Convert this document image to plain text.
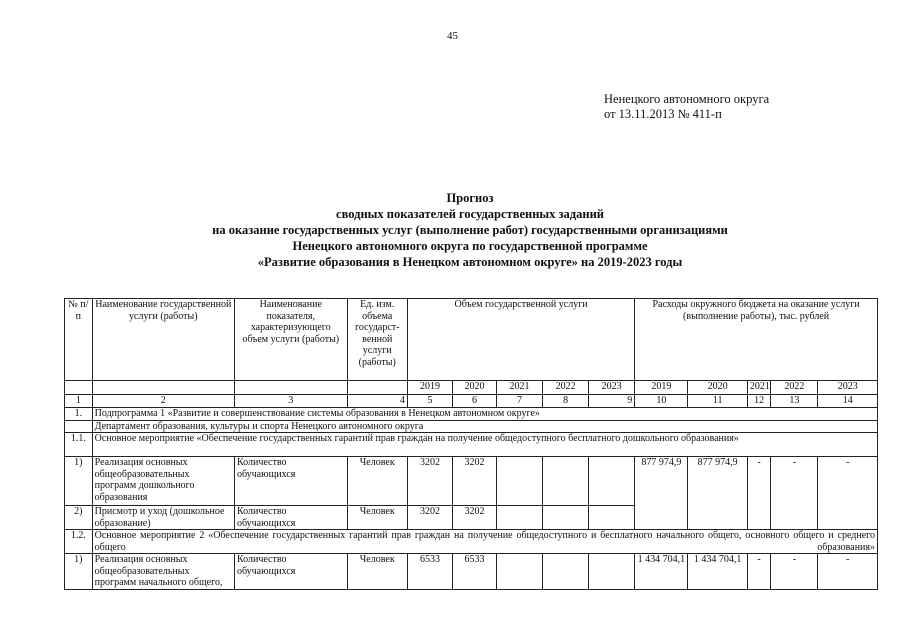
45
Ненецкого автономного округа
от 13.11.2013 № 411-п
Прогноз
сводных показателей государственных заданий
на оказание государственных услуг (выполнение работ) государственными организациями
Ненецкого автономного округа по государственной программе
«Развитие образования в Ненецком автономном округе» на 2019-2023 годы
№ п/п	Наименование государственной услуги (работы)	Наименование показателя, характеризующего объем услуги (работы)	Ед. изм. объема государст-венной услуги (работы)	Объем государственной услуги					Расходы окружного бюджета на оказание услуги (выполнение работы), тыс. рублей				
				2019	2020	2021	2022	2023	2019	2020	2021	2022	2023
1	2	3	4	5	6	7	8	9	10	11	12	13	14
1.	Подпрограмма 1 «Развитие и совершенствование системы образования в Ненецком автономном округе»												
	Департамент образования, культуры и спорта Ненецкого автономного округа												
1.1.	Основное мероприятие «Обеспечение государственных гарантий прав граждан на получение общедоступного бесплатного дошкольного образования»												
1)	Реализация основных общеобразовательных программ дошкольного образования	Количество обучающихся	Человек	3202	3202				877 974,9	877 974,9	-	-	-
2)	Присмотр и уход (дошкольное образование)	Количество обучающихся	Человек	3202	3202								
1.2.	Основное мероприятие 2 «Обеспечение государственных гарантий прав граждан на получение общедоступного и бесплатного начального общего, основного общего и среднего общего образования»												
1)	Реализация основных общеобразовательных программ начального общего,	Количество обучающихся	Человек	6533	6533				1 434 704,1	1 434 704,1	-	-	-
